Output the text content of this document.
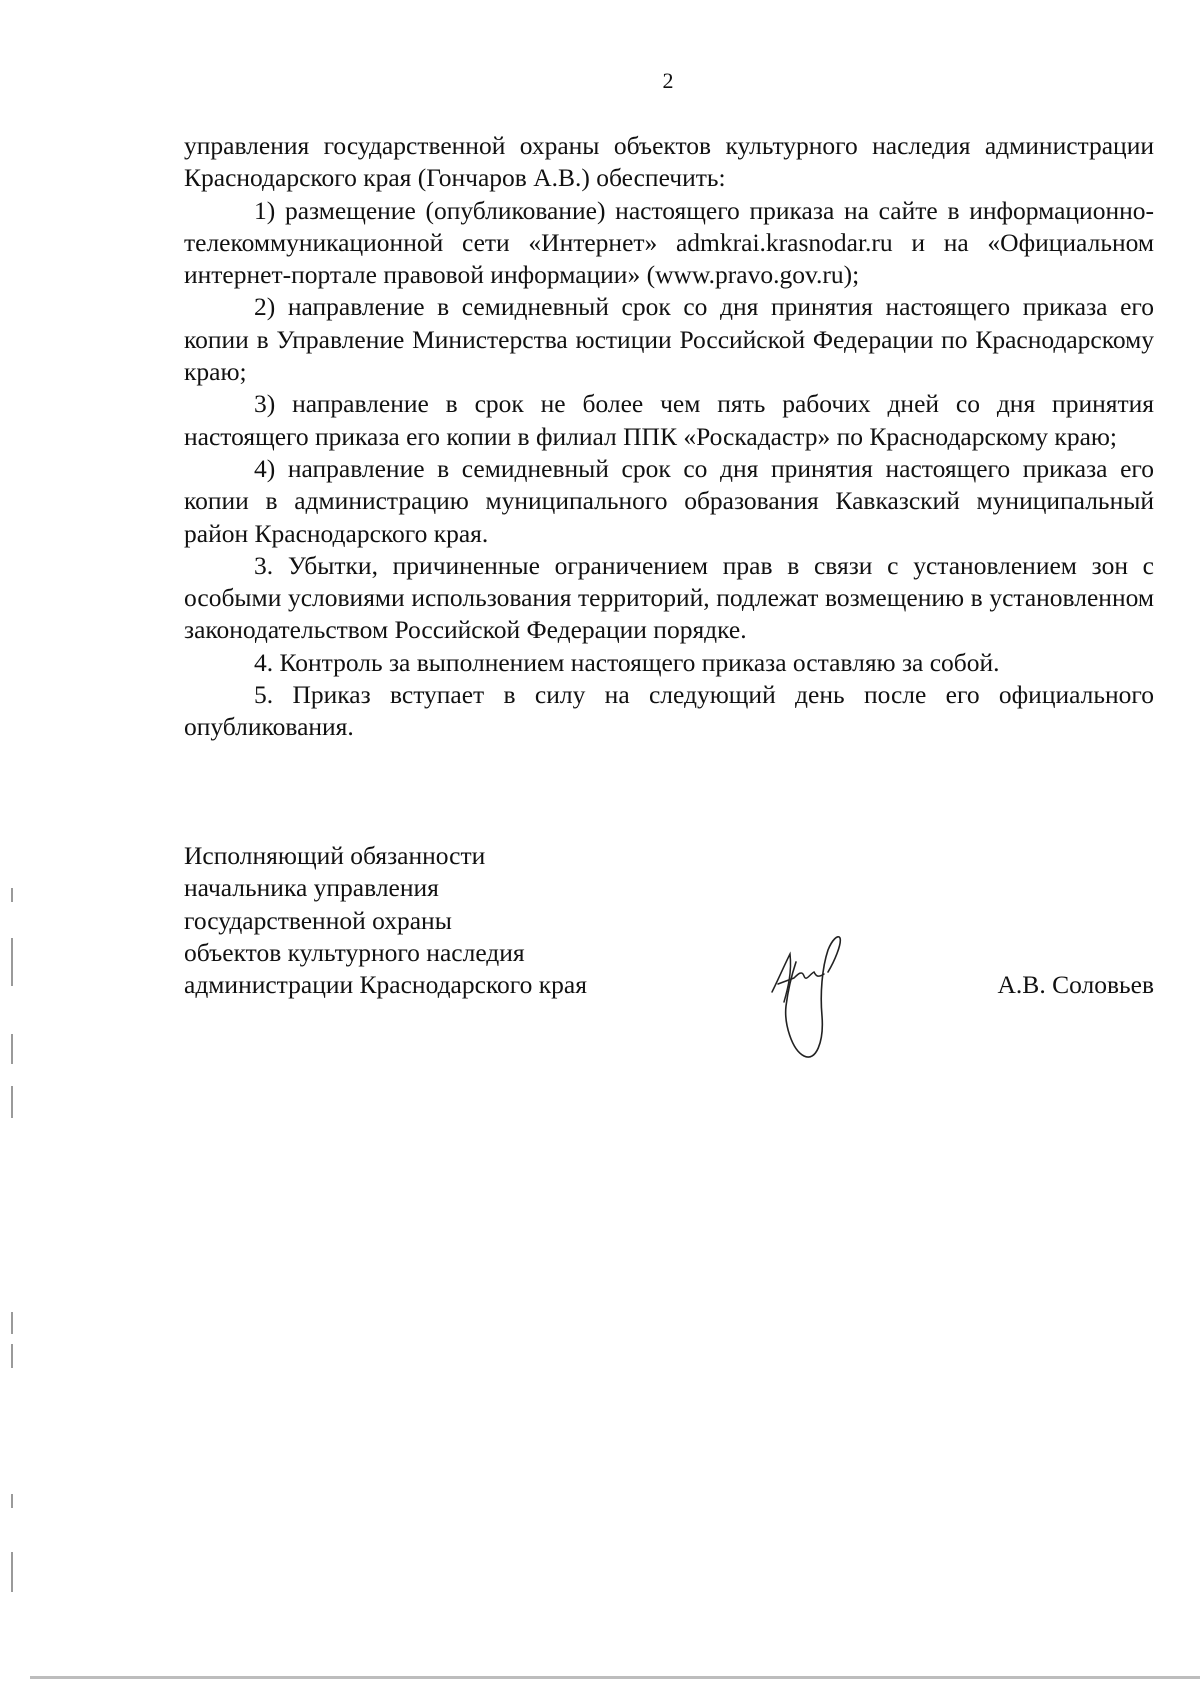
2

управления государственной охраны объектов культурного наследия администрации Краснодарского края (Гончаров А.В.) обеспечить:

1) размещение (опубликование) настоящего приказа на сайте в информационно-телекоммуникационной сети «Интернет» admkrai.krasnodar.ru и на «Официальном интернет-портале правовой информации» (www.pravo.gov.ru);

2) направление в семидневный срок со дня принятия настоящего приказа его копии в Управление Министерства юстиции Российской Федерации по Краснодарскому краю;

3) направление в срок не более чем пять рабочих дней со дня принятия настоящего приказа его копии в филиал ППК «Роскадастр» по Краснодарскому краю;

4) направление в семидневный срок со дня принятия настоящего приказа его копии в администрацию муниципального образования Кавказский муниципальный район Краснодарского края.

3. Убытки, причиненные ограничением прав в связи с установлением зон с особыми условиями использования территорий, подлежат возмещению в установленном законодательством Российской Федерации порядке.

4. Контроль за выполнением настоящего приказа оставляю за собой.

5. Приказ вступает в силу на следующий день после его официального опубликования.

Исполняющий обязанности
начальника управления
государственной охраны
объектов культурного наследия
администрации Краснодарского края	А.В. Соловьев
